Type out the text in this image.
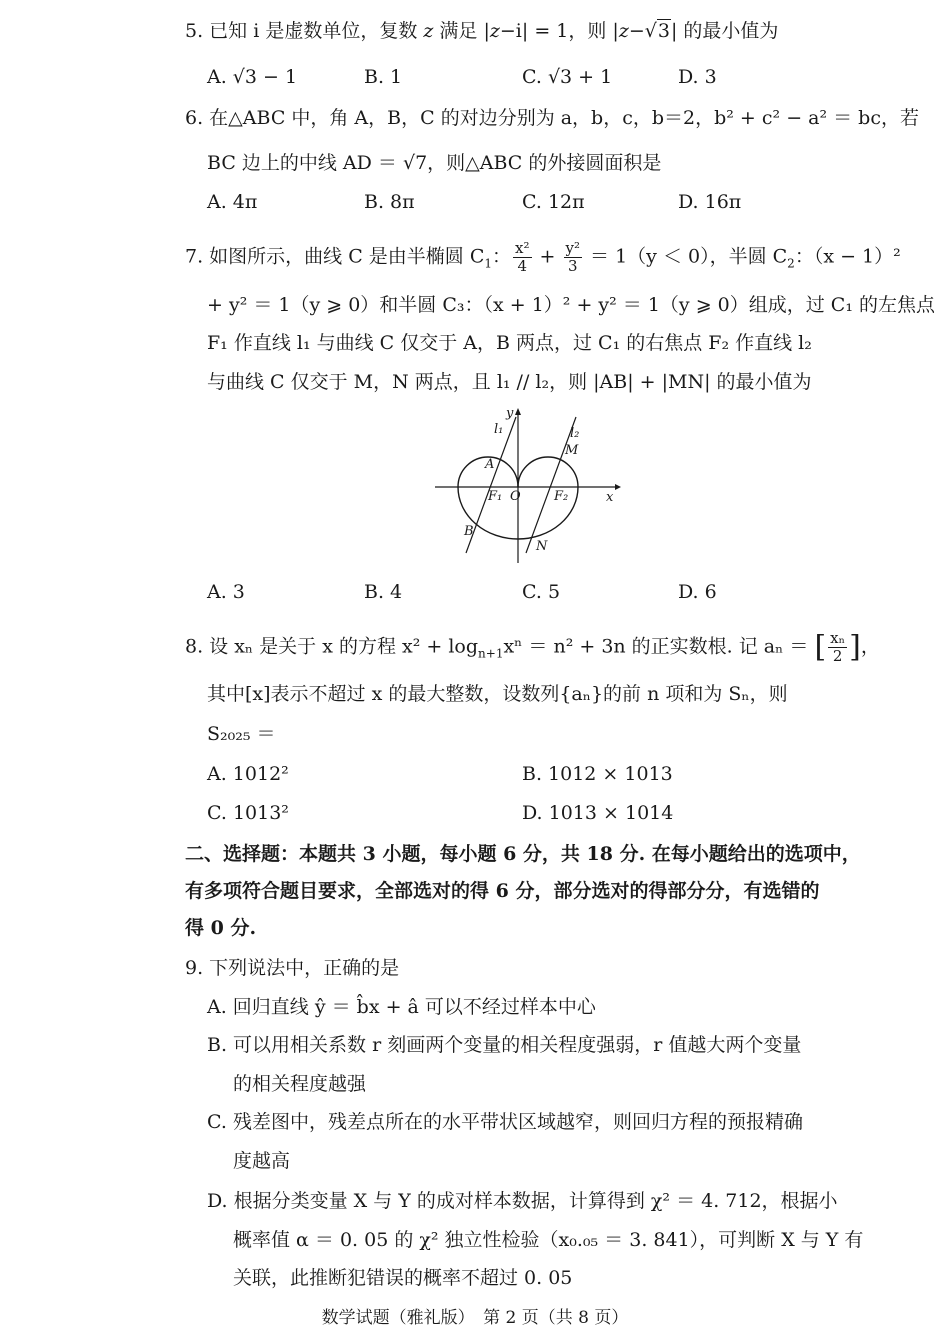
5. 已知 i 是虚数单位，复数 z 满足 |z−i| = 1，则 |z−√3| 的最小值为
A. √3 − 1	B. 1	C. √3 + 1	D. 3
6. 在△ABC 中，角 A，B，C 的对边分别为 a，b，c，b＝2，b² + c² − a² ＝ bc，若
BC 边上的中线 AD ＝ √7，则△ABC 的外接圆面积是
A. 4π	B. 8π	C. 12π	D. 16π
7. 如图所示，曲线 C 是由半椭圆 $C_1$： $\frac{\text{x²}}{4} + \frac{\text{y²}}{3} = 1(y < 0)$，半圆 $C_2$：（x − 1）²
+ y² ＝ 1（y ⩾ 0）和半圆 C₃：（x + 1）² + y² ＝ 1（y ⩾ 0）组成，过 C₁ 的左焦点
F₁ 作直线 l₁ 与曲线 C 仅交于 A，B 两点，过 C₁ 的右焦点 F₂ 作直线 l₂
与曲线 C 仅交于 M，N 两点，且 l₁ // l₂，则 |AB| + |MN| 的最小值为
y
x
O
l₁	l₂
A
B
M
N
F₁	F₂
A. 3	B. 4	C. 5	D. 6
8. 设 xₙ 是关于 x 的方程 $x^2 + \log_{n+1}x^n = n^2 + 3n$ 的正实数根. 记 aₙ ＝ [ $\frac{\text{xₙ}}{2}$ ]，
其中[x]表示不超过 x 的最大整数，设数列{aₙ}的前 n 项和为 Sₙ，则
S₂₀₂₅ ＝
A. 1012²	B. 1012 × 1013
C. 1013²	D. 1013 × 1014
二、选择题：本题共 3 小题，每小题 6 分，共 18 分. 在每小题给出的选项中，
有多项符合题目要求，全部选对的得 6 分，部分选对的得部分分，有选错的
得 0 分.
9. 下列说法中，正确的是
A. 回归直线 ŷ ＝ b̂x + â 可以不经过样本中心
B. 可以用相关系数 r 刻画两个变量的相关程度强弱，r 值越大两个变量
的相关程度越强
C. 残差图中，残差点所在的水平带状区域越窄，则回归方程的预报精确
度越高
D. 根据分类变量 X 与 Y 的成对样本数据，计算得到 χ² ＝ 4. 712，根据小
概率值 α ＝ 0. 05 的 χ² 独立性检验（x₀.₀₅ ＝ 3. 841），可判断 X 与 Y 有
关联，此推断犯错误的概率不超过 0. 05
数学试题（雅礼版）　第 2 页（共 8 页）
